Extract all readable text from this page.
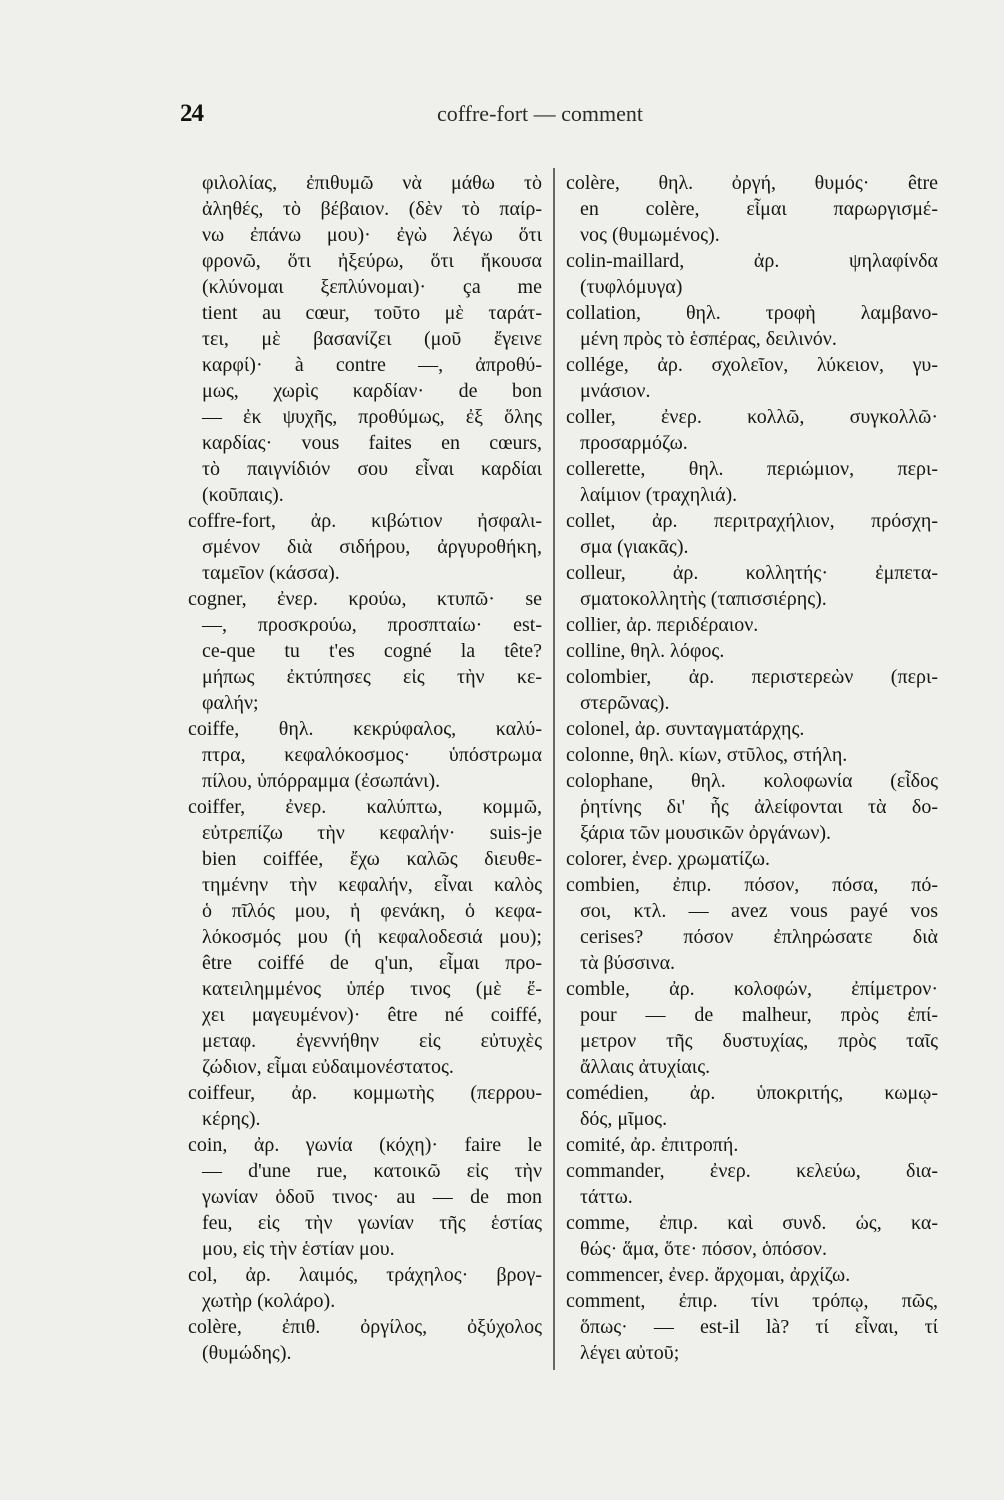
24	coffre-fort — comment
φιλολίας, ἐπιθυμῶ νὰ μάθω τὸ
ἀληθές, τὸ βέβαιον. (δὲν τὸ παίρ-
νω ἐπάνω μου)· ἐγὼ λέγω ὅτι
φρονῶ, ὅτι ἠξεύρω, ὅτι ἤκουσα
(κλύνομαι ξεπλύνομαι)· ça me
tient au cœur, τοῦτο μὲ ταράτ-
τει, μὲ βασανίζει (μοῦ ἔγεινε
καρφί)· à contre —, ἀπροθύ-
μως, χωρὶς καρδίαν· de bon
— ἐκ ψυχῆς, προθύμως, ἐξ ὅλης
καρδίας· vous faites en cœurs,
τὸ παιγνίδιόν σου εἶναι καρδίαι
(κοῦπαις).
coffre-fort, ἀρ. κιβώτιον ἠσφαλι-
σμένον διὰ σιδήρου, ἀργυροθήκη,
ταμεῖον (κάσσα).
cogner, ἐνερ. κρούω, κτυπῶ· se
—, προσκρούω, προσπταίω· est-
ce-que tu t'es cogné la tête?
μήπως ἐκτύπησες εἰς τὴν κε-
φαλήν;
coiffe, θηλ. κεκρύφαλος, καλύ-
πτρα, κεφαλόκοσμος· ὑπόστρωμα
πίλου, ὑπόρραμμα (ἐσωπάνι).
coiffer, ἐνερ. καλύπτω, κομμῶ,
εὐτρεπίζω τὴν κεφαλήν· suis-je
bien coiffée, ἔχω καλῶς διευθε-
τημένην τὴν κεφαλήν, εἶναι καλὸς
ὁ πῖλός μου, ἡ φενάκη, ὁ κεφα-
λόκοσμός μου (ἡ κεφαλοδεσιά μου);
être coiffé de q'un, εἶμαι προ-
κατειλημμένος ὑπέρ τινος (μὲ ἔ-
χει μαγευμένον)· être né coiffé,
μεταφ. ἐγεννήθην εἰς εὐτυχὲς
ζώδιον, εἶμαι εὐδαιμονέστατος.
coiffeur, ἀρ. κομμωτὴς (περρου-
κέρης).
coin, ἀρ. γωνία (κόχη)· faire le
— d'une rue, κατοικῶ εἰς τὴν
γωνίαν ὁδοῦ τινος· au — de mon
feu, εἰς τὴν γωνίαν τῆς ἑστίας
μου, εἰς τὴν ἑστίαν μου.
col, ἀρ. λαιμός, τράχηλος· βρογ-
χωτὴρ (κολάρο).
colère, ἐπιθ. ὀργίλος, ὀξύχολος
(θυμώδης).
colère, θηλ. ὀργή, θυμός· être
en colère, εἶμαι παρωργισμέ-
νος (θυμωμένος).
colin-maillard, ἀρ. ψηλαφίνδα
(τυφλόμυγα)
collation, θηλ. τροφὴ λαμβανο-
μένη πρὸς τὸ ἑσπέρας, δειλινόν.
collége, ἀρ. σχολεῖον, λύκειον, γυ-
μνάσιον.
coller, ἐνερ. κολλῶ, συγκολλῶ·
προσαρμόζω.
collerette, θηλ. περιώμιον, περι-
λαίμιον (τραχηλιά).
collet, ἀρ. περιτραχήλιον, πρόσχη-
σμα (γιακᾶς).
colleur, ἀρ. κολλητής· ἐμπετα-
σματοκολλητὴς (ταπισσιέρης).
collier, ἀρ. περιδέραιον.
colline, θηλ. λόφος.
colombier, ἀρ. περιστερεὼν (περι-
στερῶνας).
colonel, ἀρ. συνταγματάρχης.
colonne, θηλ. κίων, στῦλος, στήλη.
colophane, θηλ. κολοφωνία (εἶδος
ῥητίνης δι' ἧς ἀλείφονται τὰ δο-
ξάρια τῶν μουσικῶν ὀργάνων).
colorer, ἐνερ. χρωματίζω.
combien, ἐπιρ. πόσον, πόσα, πό-
σοι, κτλ. — avez vous payé vos
cerises? πόσον ἐπληρώσατε διὰ
τὰ βύσσινα.
comble, ἀρ. κολοφών, ἐπίμετρον·
pour — de malheur, πρὸς ἐπί-
μετρον τῆς δυστυχίας, πρὸς ταῖς
ἄλλαις ἀτυχίαις.
comédien, ἀρ. ὑποκριτής, κωμῳ-
δός, μῖμος.
comité, ἀρ. ἐπιτροπή.
commander, ἐνερ. κελεύω, δια-
τάττω.
comme, ἐπιρ. καὶ συνδ. ὡς, κα-
θώς· ἅμα, ὅτε· πόσον, ὁπόσον.
commencer, ἐνερ. ἄρχομαι, ἀρχίζω.
comment, ἐπιρ. τίνι τρόπῳ, πῶς,
ὅπως· — est-il là? τί εἶναι, τί
λέγει αὐτοῦ;
